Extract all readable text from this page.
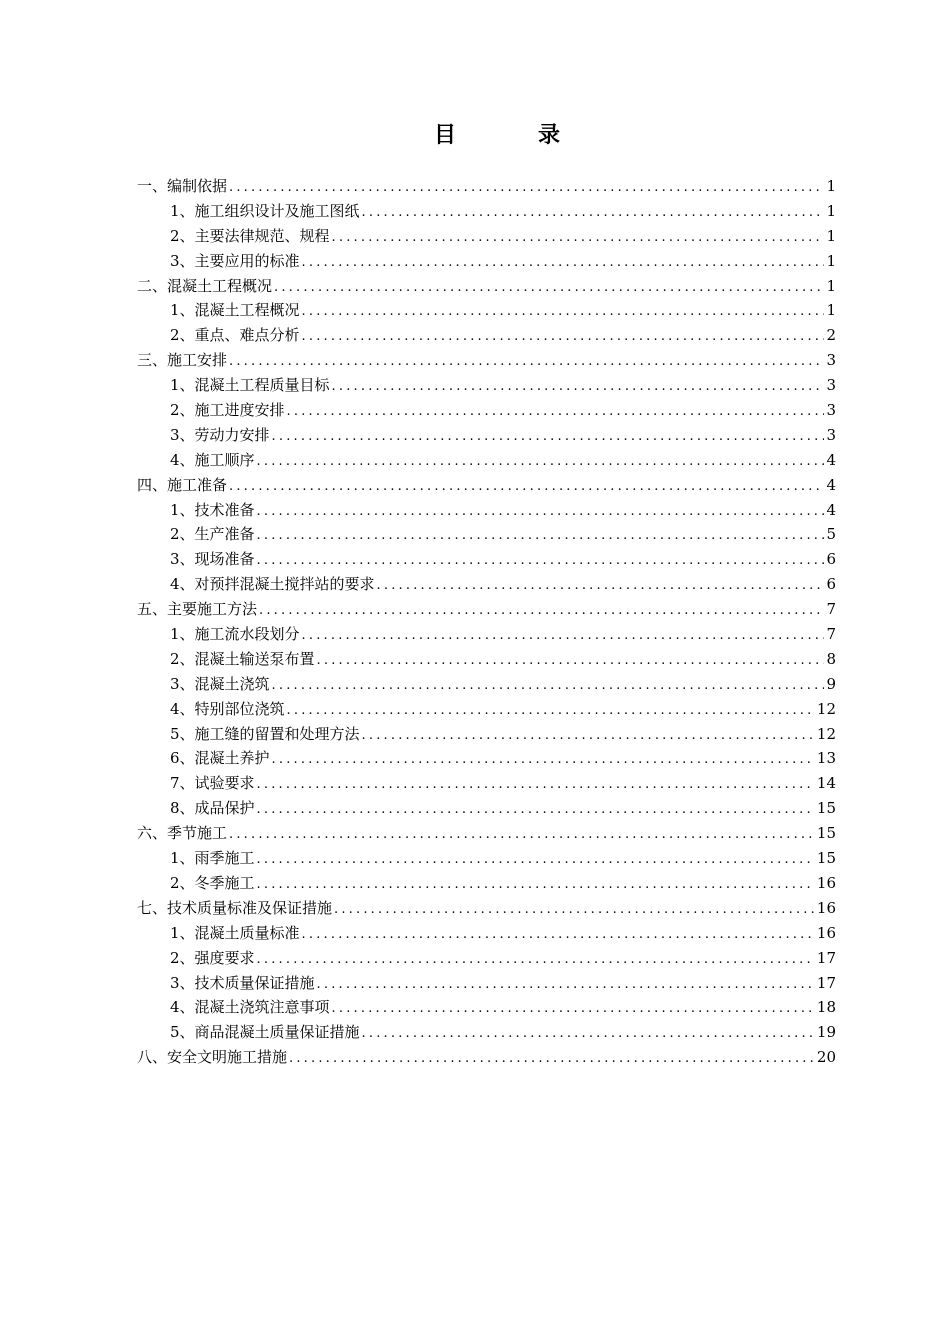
目　录
一、编制依据 .....	1
1、施工组织设计及施工图纸 .....	1
2、主要法律规范、规程 .....	1
3、主要应用的标准 .....	1
二、混凝土工程概况 .....	1
1、混凝土工程概况 .....	1
2、重点、难点分析 .....	2
三、施工安排 .....	3
1、混凝土工程质量目标 .....	3
2、施工进度安排 .....	3
3、劳动力安排 .....	3
4、施工顺序 .....	4
四、施工准备 .....	4
1、技术准备 .....	4
2、生产准备 .....	5
3、现场准备 .....	6
4、对预拌混凝土搅拌站的要求 .....	6
五、主要施工方法 .....	7
1、施工流水段划分 .....	7
2、混凝土输送泵布置 .....	8
3、混凝土浇筑 .....	9
4、特别部位浇筑 .....	12
5、施工缝的留置和处理方法 .....	12
6、混凝土养护 .....	13
7、试验要求 .....	14
8、成品保护 .....	15
六、季节施工 .....	15
1、雨季施工 .....	15
2、冬季施工 .....	16
七、技术质量标准及保证措施 .....	16
1、混凝土质量标准 .....	16
2、强度要求 .....	17
3、技术质量保证措施 .....	17
4、混凝土浇筑注意事项 .....	18
5、商品混凝土质量保证措施 .....	19
八、安全文明施工措施 .....	20
